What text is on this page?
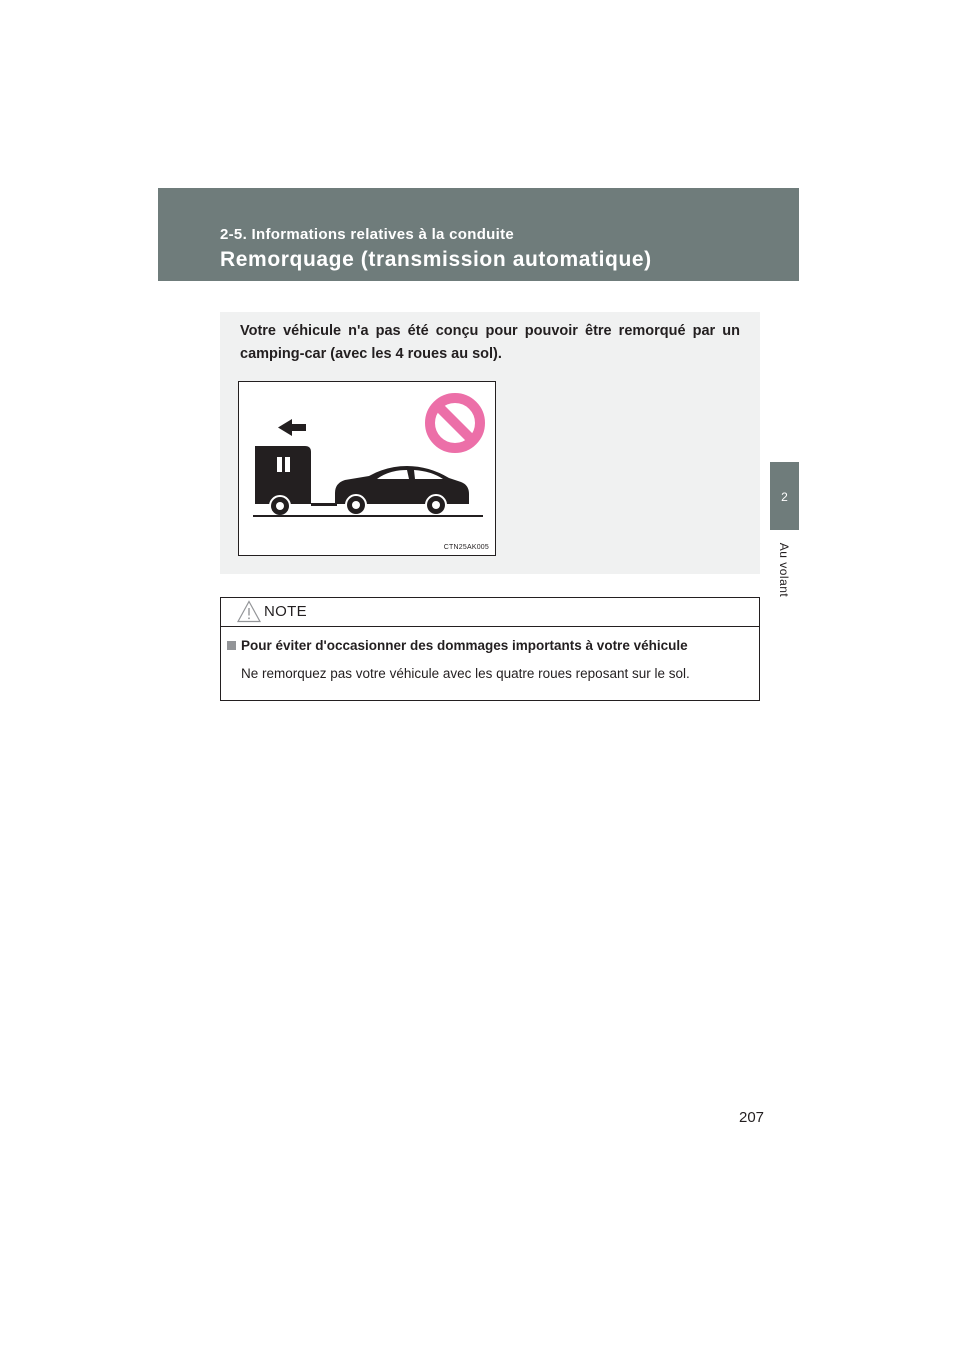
2-5. Informations relatives à la conduite
Remorquage (transmission automatique)
2
Au volant
Votre véhicule n'a pas été conçu pour pouvoir être remorqué par un camping-car (avec les 4 roues au sol).
CTN25AK005
NOTE
Pour éviter d'occasionner des dommages importants à votre véhicule
Ne remorquez pas votre véhicule avec les quatre roues reposant sur le sol.
207
